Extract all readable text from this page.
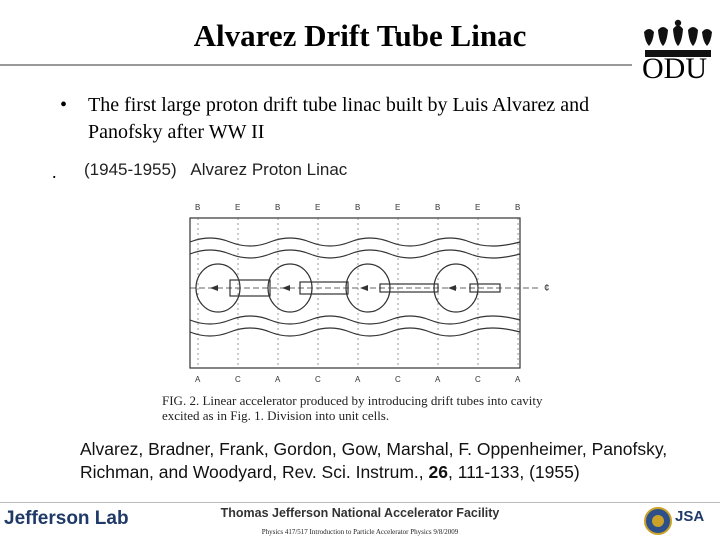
Alvarez Drift Tube Linac
ODU
• The first large proton drift tube linac built by Luis Alvarez and Panofsky after WW II
. (1945-1955) Alvarez Proton Linac
B	E	B	E	B	E	B	E	B
A	C	A	C	A	C	A	C	A
¢
FIG. 2. Linear accelerator produced by introducing drift tubes into cavity excited as in Fig. 1. Division into unit cells.
Alvarez, Bradner, Frank, Gordon, Gow, Marshal, F. Oppenheimer, Panofsky, Richman, and Woodyard, Rev. Sci. Instrum., 26, 111-133, (1955)
Thomas Jefferson National Accelerator Facility
Jefferson Lab
Physics 417/517 Introduction to Particle Accelerator Physics 9/8/2009
JSA
